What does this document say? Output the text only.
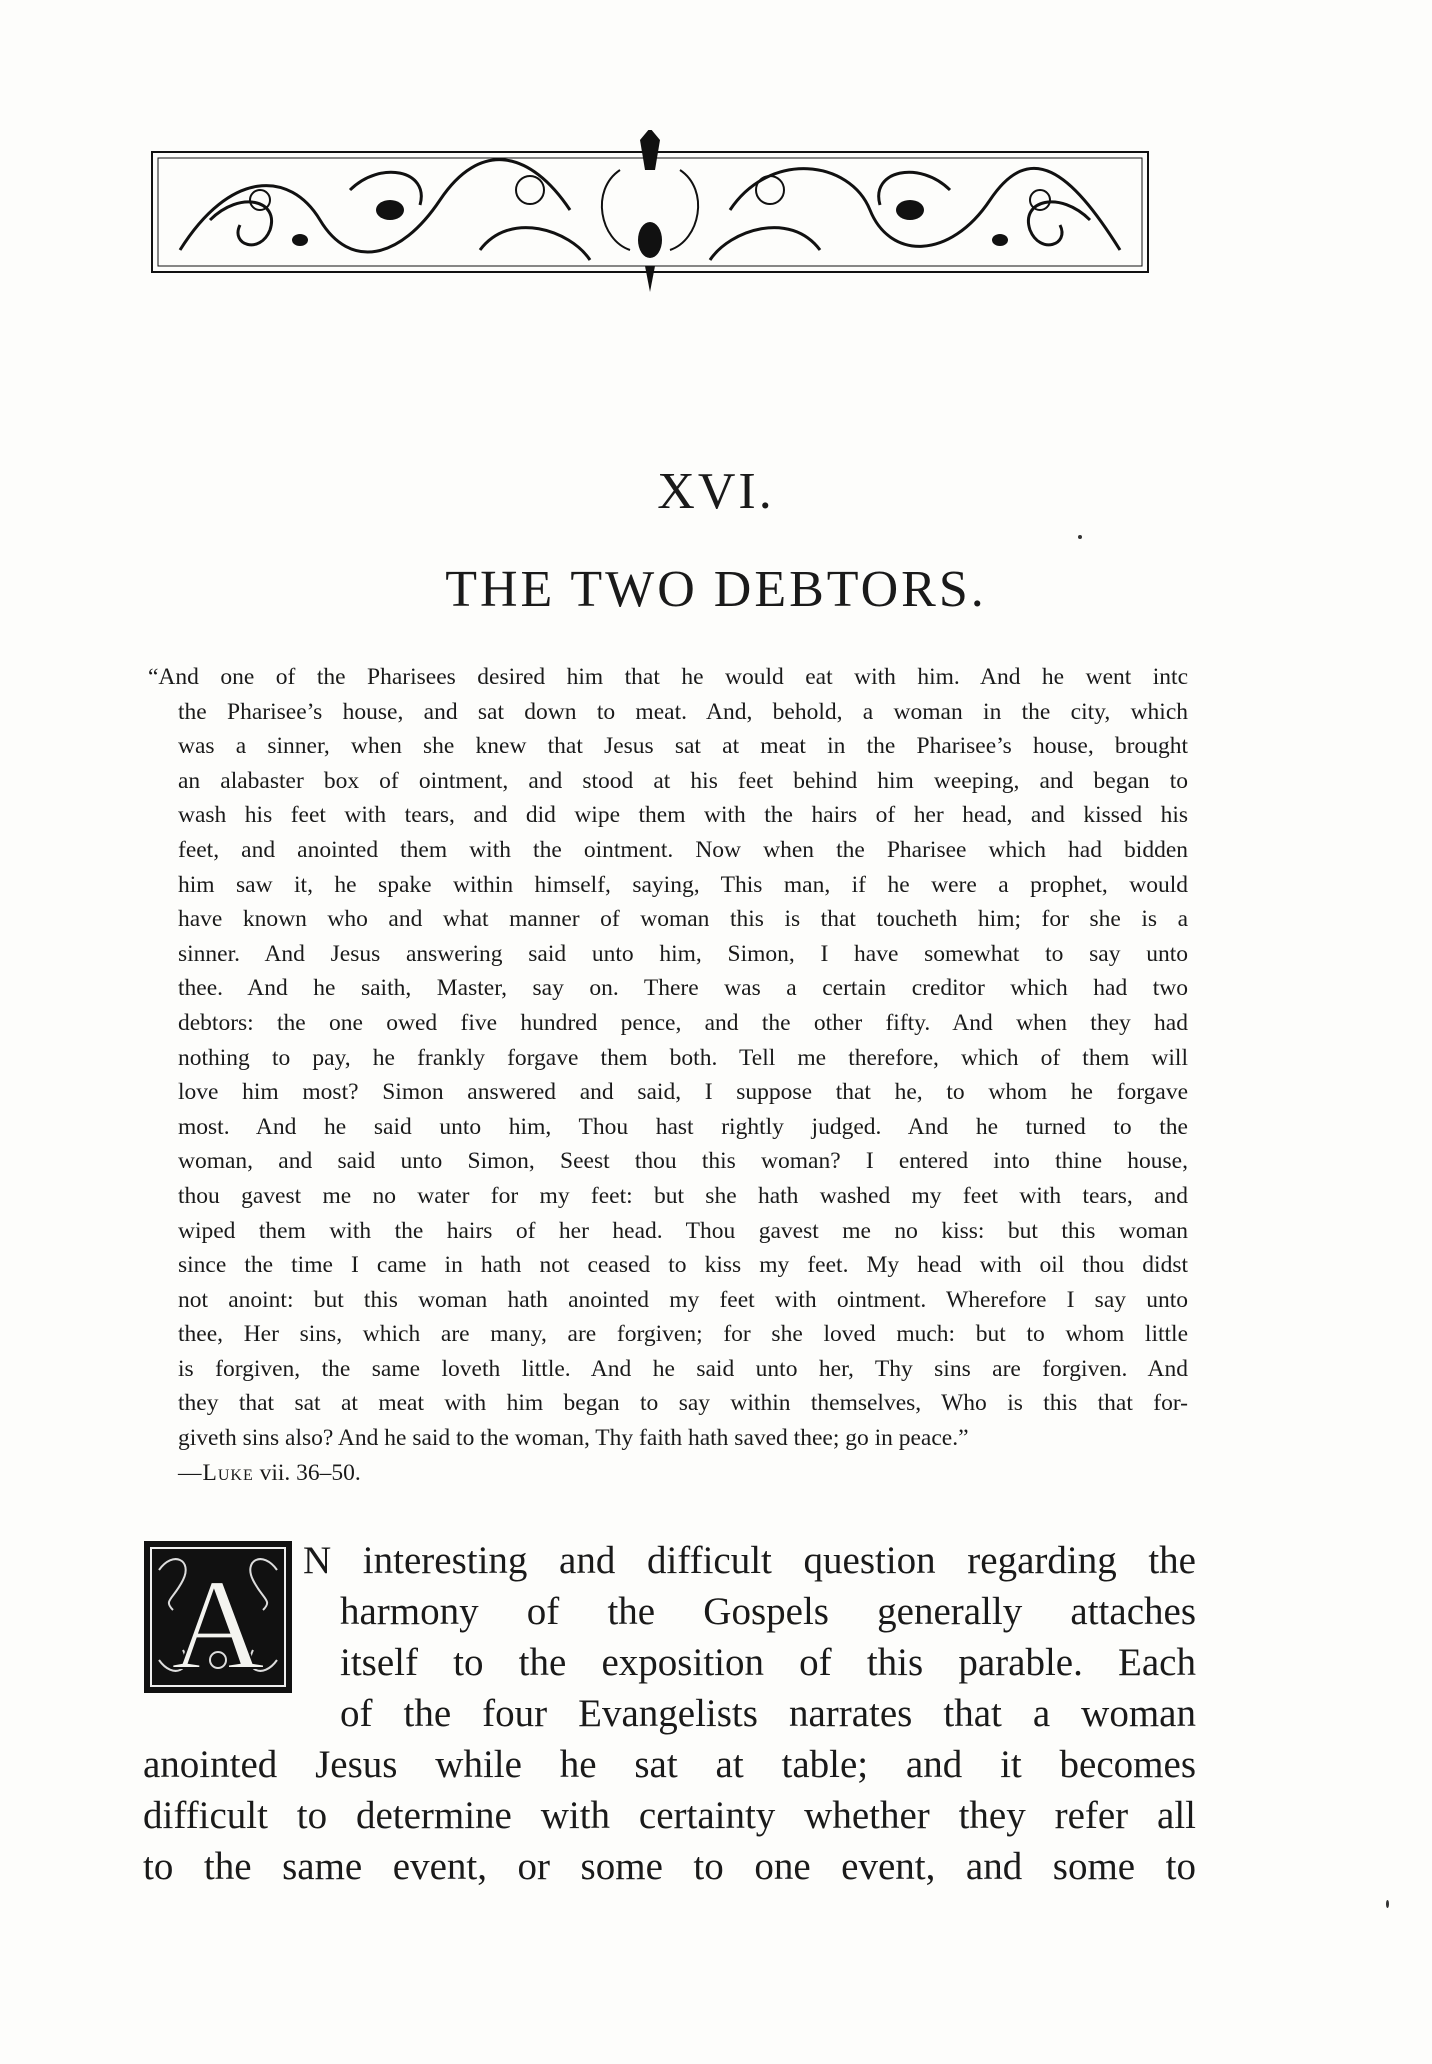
XVI.
THE TWO DEBTORS.
“And one of the Pharisees desired him that he would eat with him. And he went intc
the Pharisee’s house, and sat down to meat. And, behold, a woman in the city, which
was a sinner, when she knew that Jesus sat at meat in the Pharisee’s house, brought
an alabaster box of ointment, and stood at his feet behind him weeping, and began to
wash his feet with tears, and did wipe them with the hairs of her head, and kissed his
feet, and anointed them with the ointment. Now when the Pharisee which had bidden
him saw it, he spake within himself, saying, This man, if he were a prophet, would
have known who and what manner of woman this is that toucheth him; for she is a
sinner. And Jesus answering said unto him, Simon, I have somewhat to say unto
thee. And he saith, Master, say on. There was a certain creditor which had two
debtors: the one owed five hundred pence, and the other fifty. And when they had
nothing to pay, he frankly forgave them both. Tell me therefore, which of them will
love him most? Simon answered and said, I suppose that he, to whom he forgave
most. And he said unto him, Thou hast rightly judged. And he turned to the
woman, and said unto Simon, Seest thou this woman? I entered into thine house,
thou gavest me no water for my feet: but she hath washed my feet with tears, and
wiped them with the hairs of her head. Thou gavest me no kiss: but this woman
since the time I came in hath not ceased to kiss my feet. My head with oil thou didst
not anoint: but this woman hath anointed my feet with ointment. Wherefore I say unto
thee, Her sins, which are many, are forgiven; for she loved much: but to whom little
is forgiven, the same loveth little. And he said unto her, Thy sins are forgiven. And
they that sat at meat with him began to say within themselves, Who is this that for-
giveth sins also? And he said to the woman, Thy faith hath saved thee; go in peace.”
—Luke vii. 36–50.
A N interesting and difficult question regarding the
harmony of the Gospels generally attaches
itself to the exposition of this parable. Each
of the four Evangelists narrates that a woman
anointed Jesus while he sat at table; and it becomes
difficult to determine with certainty whether they refer all
to the same event, or some to one event, and some to
